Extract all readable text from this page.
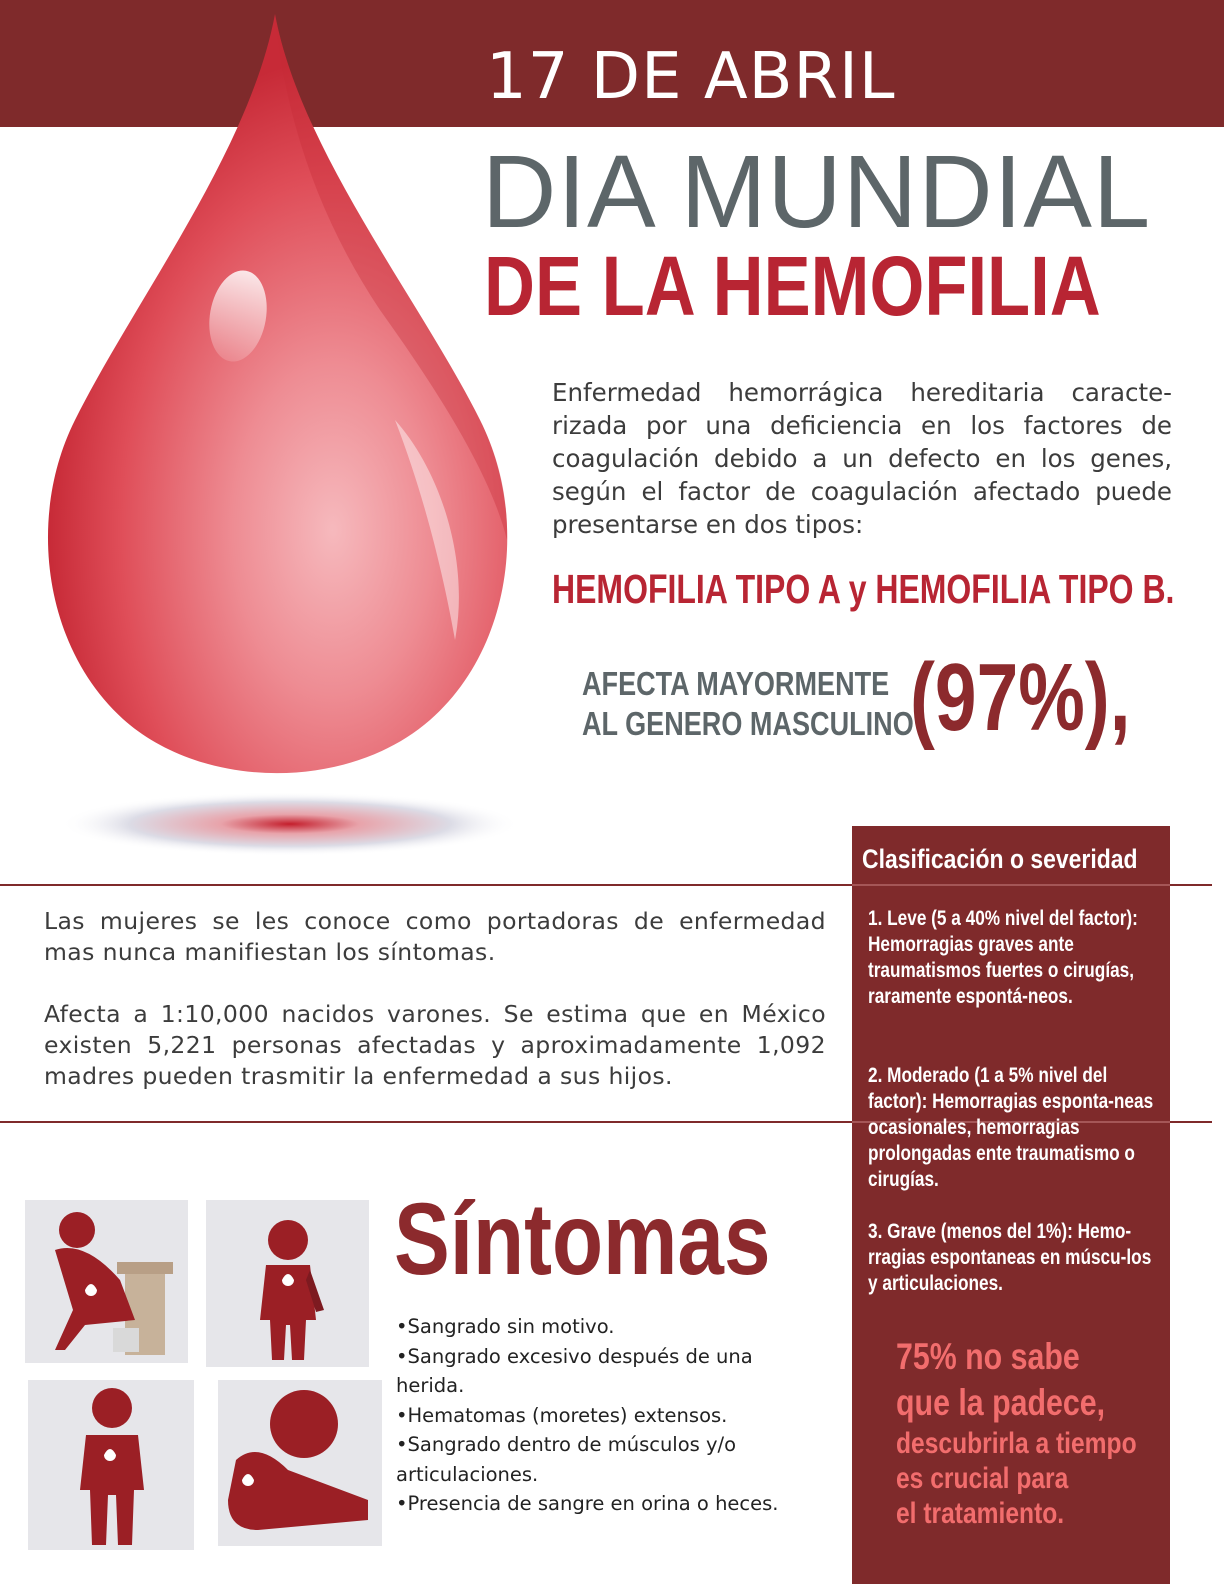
17 DE ABRIL
DIA MUNDIAL
DE LA HEMOFILIA
Enfermedad hemorrágica hereditaria caracte-rizada por una deficiencia en los factores de coagulación debido a un defecto en los genes, según el factor de coagulación afectado puede presentarse en dos tipos:
HEMOFILIA TIPO A y HEMOFILIA TIPO B.
AFECTA MAYORMENTE
AL GENERO MASCULINO
(97%),
Clasificación o severidad
1. Leve (5 a 40% nivel del factor): Hemorragias graves ante traumatismos fuertes o cirugías, raramente espontá-neos.
2. Moderado (1 a 5% nivel del factor): Hemorragias esponta-neas ocasionales, hemorragias prolongadas ente traumatismo o cirugías.
3. Grave (menos del 1%): Hemo-rragias espontaneas en múscu-los y articulaciones.
75% no sabe
que la padece,
descubrirla a tiempo
es crucial para
el tratamiento.
Las mujeres se les conoce como portadoras de enfermedad mas nunca manifiestan los síntomas.
Afecta a 1:10,000 nacidos varones. Se estima que en México existen 5,221 personas afectadas y aproximadamente 1,092 madres pueden trasmitir la enfermedad a sus hijos.
Síntomas
•Sangrado sin motivo.
•Sangrado excesivo después de una herida.
•Hematomas (moretes) extensos.
•Sangrado dentro de músculos y/o articulaciones.
•Presencia de sangre en orina o heces.
